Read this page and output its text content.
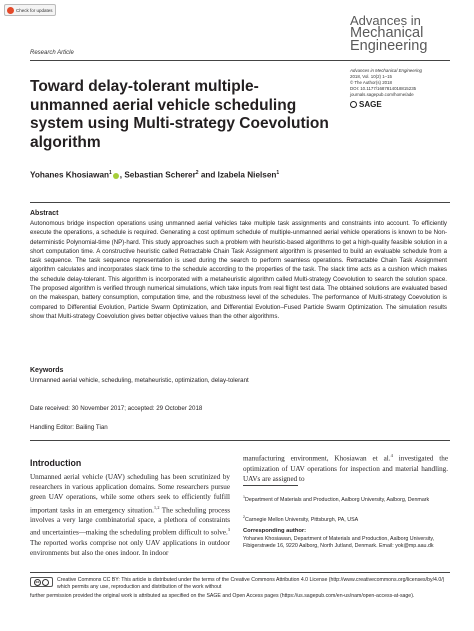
Check for updates
Advances in
Mechanical
Engineering
Advances in Mechanical Engineering
2018, Vol. 10(2) 1–15
© The Author(s) 2018
DOI: 10.1177/1687814018815235
journals.sagepub.com/home/ade
SAGE
Research Article
Toward delay-tolerant multiple-unmanned aerial vehicle scheduling system using Multi-strategy Coevolution algorithm
Yohanes Khosiawan$^1$ , Sebastian Scherer$^2$ and Izabela Nielsen$^1$
Abstract
Autonomous bridge inspection operations using unmanned aerial vehicles take multiple task assignments and constraints into account. To efficiently execute the operations, a schedule is required. Generating a cost optimum schedule of multiple-unmanned aerial vehicle operations is known to be Non-deterministic Polynomial-time (NP)-hard. This study approaches such a problem with heuristic-based algorithms to get a high-quality feasible solution in a short computation time. A constructive heuristic called Retractable Chain Task Assignment algorithm is presented to build an evaluable schedule from a task sequence. The task sequence representation is used during the search to perform seamless operations. Retractable Chain Task Assignment algorithm calculates and incorporates slack time to the schedule according to the properties of the task. The slack time acts as a cushion which makes the schedule delay-tolerant. This algorithm is incorporated with a metaheuristic algorithm called Multi-strategy Coevolution to search the solution space. The proposed algorithm is verified through numerical simulations, which take inputs from real flight test data. The obtained solutions are evaluated based on the makespan, battery consumption, computation time, and the robustness level of the schedules. The performance of Multi-strategy Coevolution is compared to Differential Evolution, Particle Swarm Optimization, and Differential Evolution–Fused Particle Swarm Optimization. The simulation results show that Multi-strategy Coevolution gives better objective values than the other algorithms.
Keywords
Unmanned aerial vehicle, scheduling, metaheuristic, optimization, delay-tolerant
Date received: 30 November 2017; accepted: 29 October 2018
Handling Editor: Bailing Tian
Introduction
Unmanned aerial vehicle (UAV) scheduling has been scrutinized by researchers in various application domains. Some researchers pursue green UAV operations, while some others seek to efficiently fulfill important tasks in an emergency situation.$^{1,2}$ The scheduling process involves a very large combinatorial space, a plethora of constraints and uncertainties—making the scheduling problem difficult to solve.$^3$ The reported works comprise not only UAV applications in outdoor environments but also the ones indoor. In indoor
manufacturing environment, Khosiawan et al.$^4$ investigated the optimization of UAV operations for inspection and material handling. UAVs are assigned to
$^1$Department of Materials and Production, Aalborg University, Aalborg, Denmark
$^2$Carnegie Mellon University, Pittsburgh, PA, USA
Corresponding author:
Yohanes Khosiawan, Department of Materials and Production, Aalborg University, Fibigerstræde 16, 9220 Aalborg, North Jutland, Denmark. Email: yok@mp.aau.dk
cc	Creative Commons CC BY: This article is distributed under the terms of the Creative Commons Attribution 4.0 License (http://www.creativecommons.org/licenses/by/4.0/) which permits any use, reproduction and distribution of the work without
further permission provided the original work is attributed as specified on the SAGE and Open Access pages (https://us.sagepub.com/en-us/nam/open-access-at-sage).
